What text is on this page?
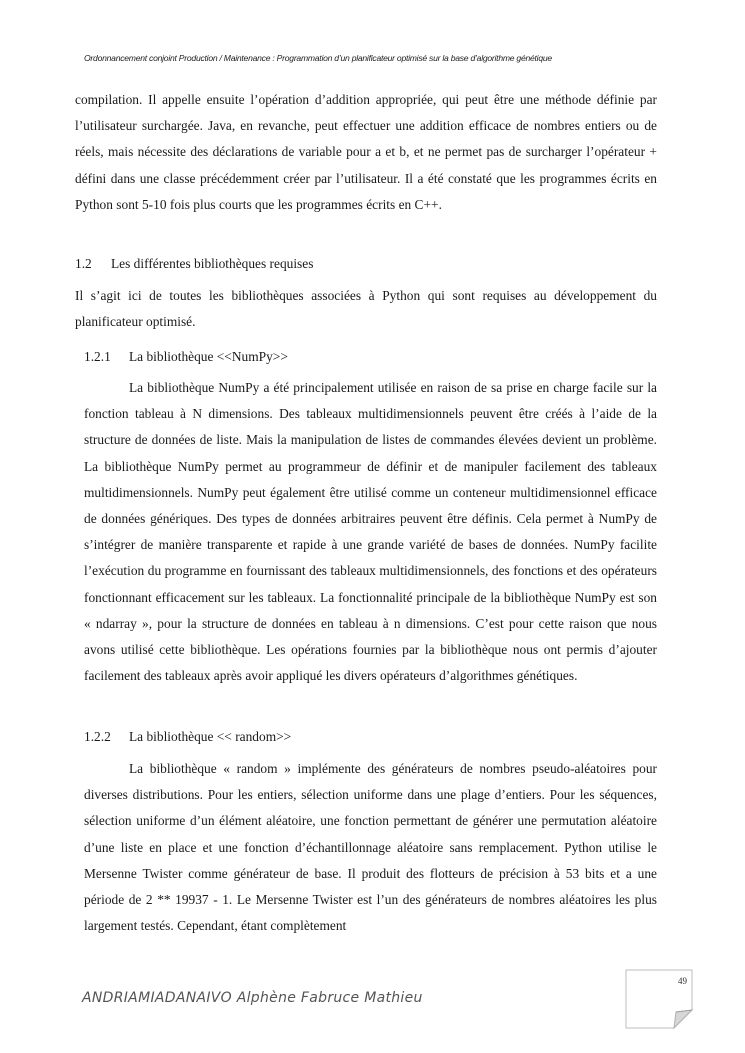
Ordonnancement conjoint Production / Maintenance : Programmation d’un planificateur optimisé sur la base d’algorithme génétique

compilation. Il appelle ensuite l’opération d’addition appropriée, qui peut être une méthode définie par l’utilisateur surchargée. Java, en revanche, peut effectuer une addition efficace de nombres entiers ou de réels, mais nécessite des déclarations de variable pour a et b, et ne permet pas de surcharger l’opérateur + défini dans une classe précédemment créer par l’utilisateur. Il a été constaté que les programmes écrits en Python sont 5-10 fois plus courts que les programmes écrits en C++.

1.2 Les différentes bibliothèques requises

Il s’agit ici de toutes les bibliothèques associées à Python qui sont requises au développement du planificateur optimisé.

1.2.1 La bibliothèque <<NumPy>>

La bibliothèque NumPy a été principalement utilisée en raison de sa prise en charge facile sur la fonction tableau à N dimensions. Des tableaux multidimensionnels peuvent être créés à l’aide de la structure de données de liste. Mais la manipulation de listes de commandes élevées devient un problème. La bibliothèque NumPy permet au programmeur de définir et de manipuler facilement des tableaux multidimensionnels. NumPy peut également être utilisé comme un conteneur multidimensionnel efficace de données génériques. Des types de données arbitraires peuvent être définis. Cela permet à NumPy de s’intégrer de manière transparente et rapide à une grande variété de bases de données. NumPy facilite l’exécution du programme en fournissant des tableaux multidimensionnels, des fonctions et des opérateurs fonctionnant efficacement sur les tableaux. La fonctionnalité principale de la bibliothèque NumPy est son « ndarray », pour la structure de données en tableau à n dimensions. C’est pour cette raison que nous avons utilisé cette bibliothèque. Les opérations fournies par la bibliothèque nous ont permis d’ajouter facilement des tableaux après avoir appliqué les divers opérateurs d’algorithmes génétiques.

1.2.2 La bibliothèque << random>>

La bibliothèque « random » implémente des générateurs de nombres pseudo-aléatoires pour diverses distributions. Pour les entiers, sélection uniforme dans une plage d’entiers. Pour les séquences, sélection uniforme d’un élément aléatoire, une fonction permettant de générer une permutation aléatoire d’une liste en place et une fonction d’échantillonnage aléatoire sans remplacement. Python utilise le Mersenne Twister comme générateur de base. Il produit des flotteurs de précision à 53 bits et a une période de 2 ** 19937 - 1. Le Mersenne Twister est l’un des générateurs de nombres aléatoires les plus largement testés. Cependant, étant complètement

49
ANDRIAMIADANAIVO Alphène Fabruce Mathieu
